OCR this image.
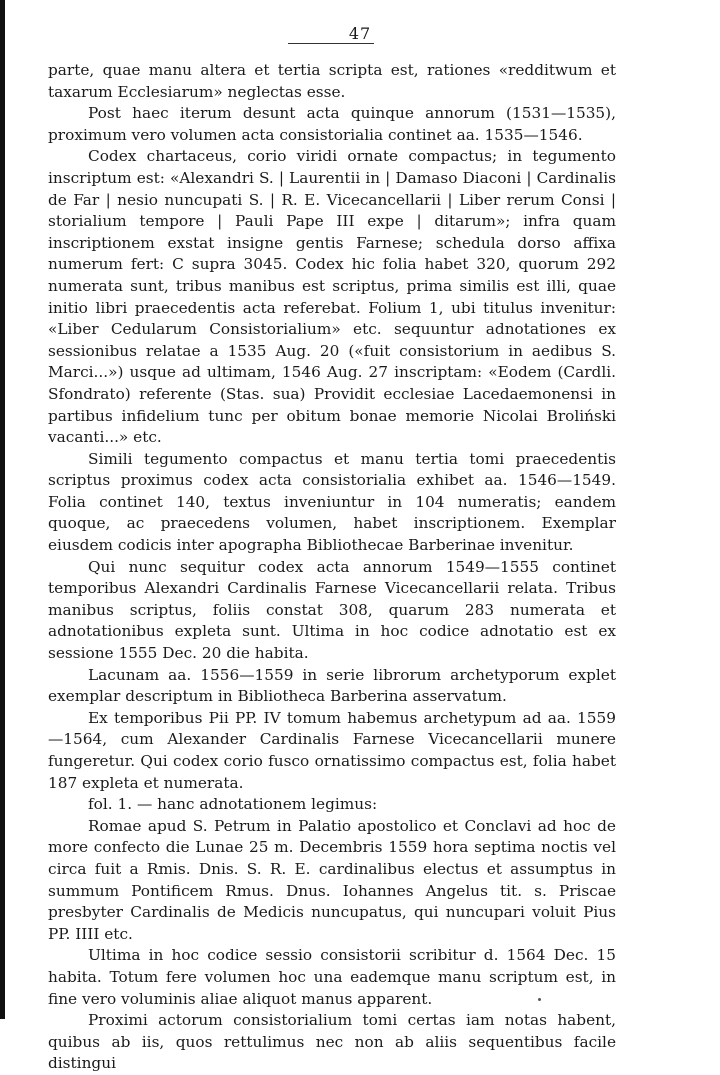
47

parte, quae manu altera et tertia scripta est, rationes «redditwum et taxarum Ecclesiarum» neglectas esse.

Post haec iterum desunt acta quinque annorum (1531—1535), proximum vero volumen acta consistorialia continet aa. 1535—1546.

Codex chartaceus, corio viridi ornate compactus; in tegumento inscriptum est: «Alexandri S. | Laurentii in | Damaso Diaconi | Cardinalis de Far | nesio nuncupati S. | R. E. Vicecancellarii | Liber rerum Consi | storialium tempore | Pauli Pape III expe | ditarum»; infra quam inscriptionem exstat insigne gentis Farnese; schedula dorso affixa numerum fert: C supra 3045. Codex hic folia habet 320, quorum 292 numerata sunt, tribus manibus est scriptus, prima similis est illi, quae initio libri praecedentis acta referebat. Folium 1, ubi titulus invenitur: «Liber Cedularum Consistorialium» etc. sequuntur adnotationes ex sessionibus relatae a 1535 Aug. 20 («fuit consistorium in aedibus S. Marci...») usque ad ultimam, 1546 Aug. 27 inscriptam: «Eodem (Cardli. Sfondrato) referente (Stas. sua) Providit ecclesiae Lacedaemonensi in partibus infidelium tunc per obitum bonae memorie Nicolai Broliński vacanti...» etc.

Simili tegumento compactus et manu tertia tomi praecedentis scriptus proximus codex acta consistorialia exhibet aa. 1546—1549. Folia continet 140, textus inveniuntur in 104 numeratis; eandem quoque, ac praecedens volumen, habet inscriptionem. Exemplar eiusdem codicis inter apographa Bibliothecae Barberinae invenitur.

Qui nunc sequitur codex acta annorum 1549—1555 continet temporibus Alexandri Cardinalis Farnese Vicecancellarii relata. Tribus manibus scriptus, foliis constat 308, quarum 283 numerata et adnotationibus expleta sunt. Ultima in hoc codice adnotatio est ex sessione 1555 Dec. 20 die habita.

Lacunam aa. 1556—1559 in serie librorum archetyporum explet exemplar descriptum in Bibliotheca Barberina asservatum.

Ex temporibus Pii PP. IV tomum habemus archetypum ad aa. 1559—1564, cum Alexander Cardinalis Farnese Vicecancellarii munere fungeretur. Qui codex corio fusco ornatissimo compactus est, folia habet 187 expleta et numerata.

fol. 1. — hanc adnotationem legimus:

Romae apud S. Petrum in Palatio apostolico et Conclavi ad hoc de more confecto die Lunae 25 m. Decembris 1559 hora septima noctis vel circa fuit a Rmis. Dnis. S. R. E. cardinalibus electus et assumptus in summum Pontificem Rmus. Dnus. Iohannes Angelus tit. s. Priscae presbyter Cardinalis de Medicis nuncupatus, qui nuncupari voluit Pius PP. IIII etc.

Ultima in hoc codice sessio consistorii scribitur d. 1564 Dec. 15 habita. Totum fere volumen hoc una eademque manu scriptum est, in fine vero voluminis aliae aliquot manus apparent.

Proximi actorum consistorialium tomi certas iam notas habent, quibus ab iis, quos rettulimus nec non ab aliis sequentibus facile distingui
